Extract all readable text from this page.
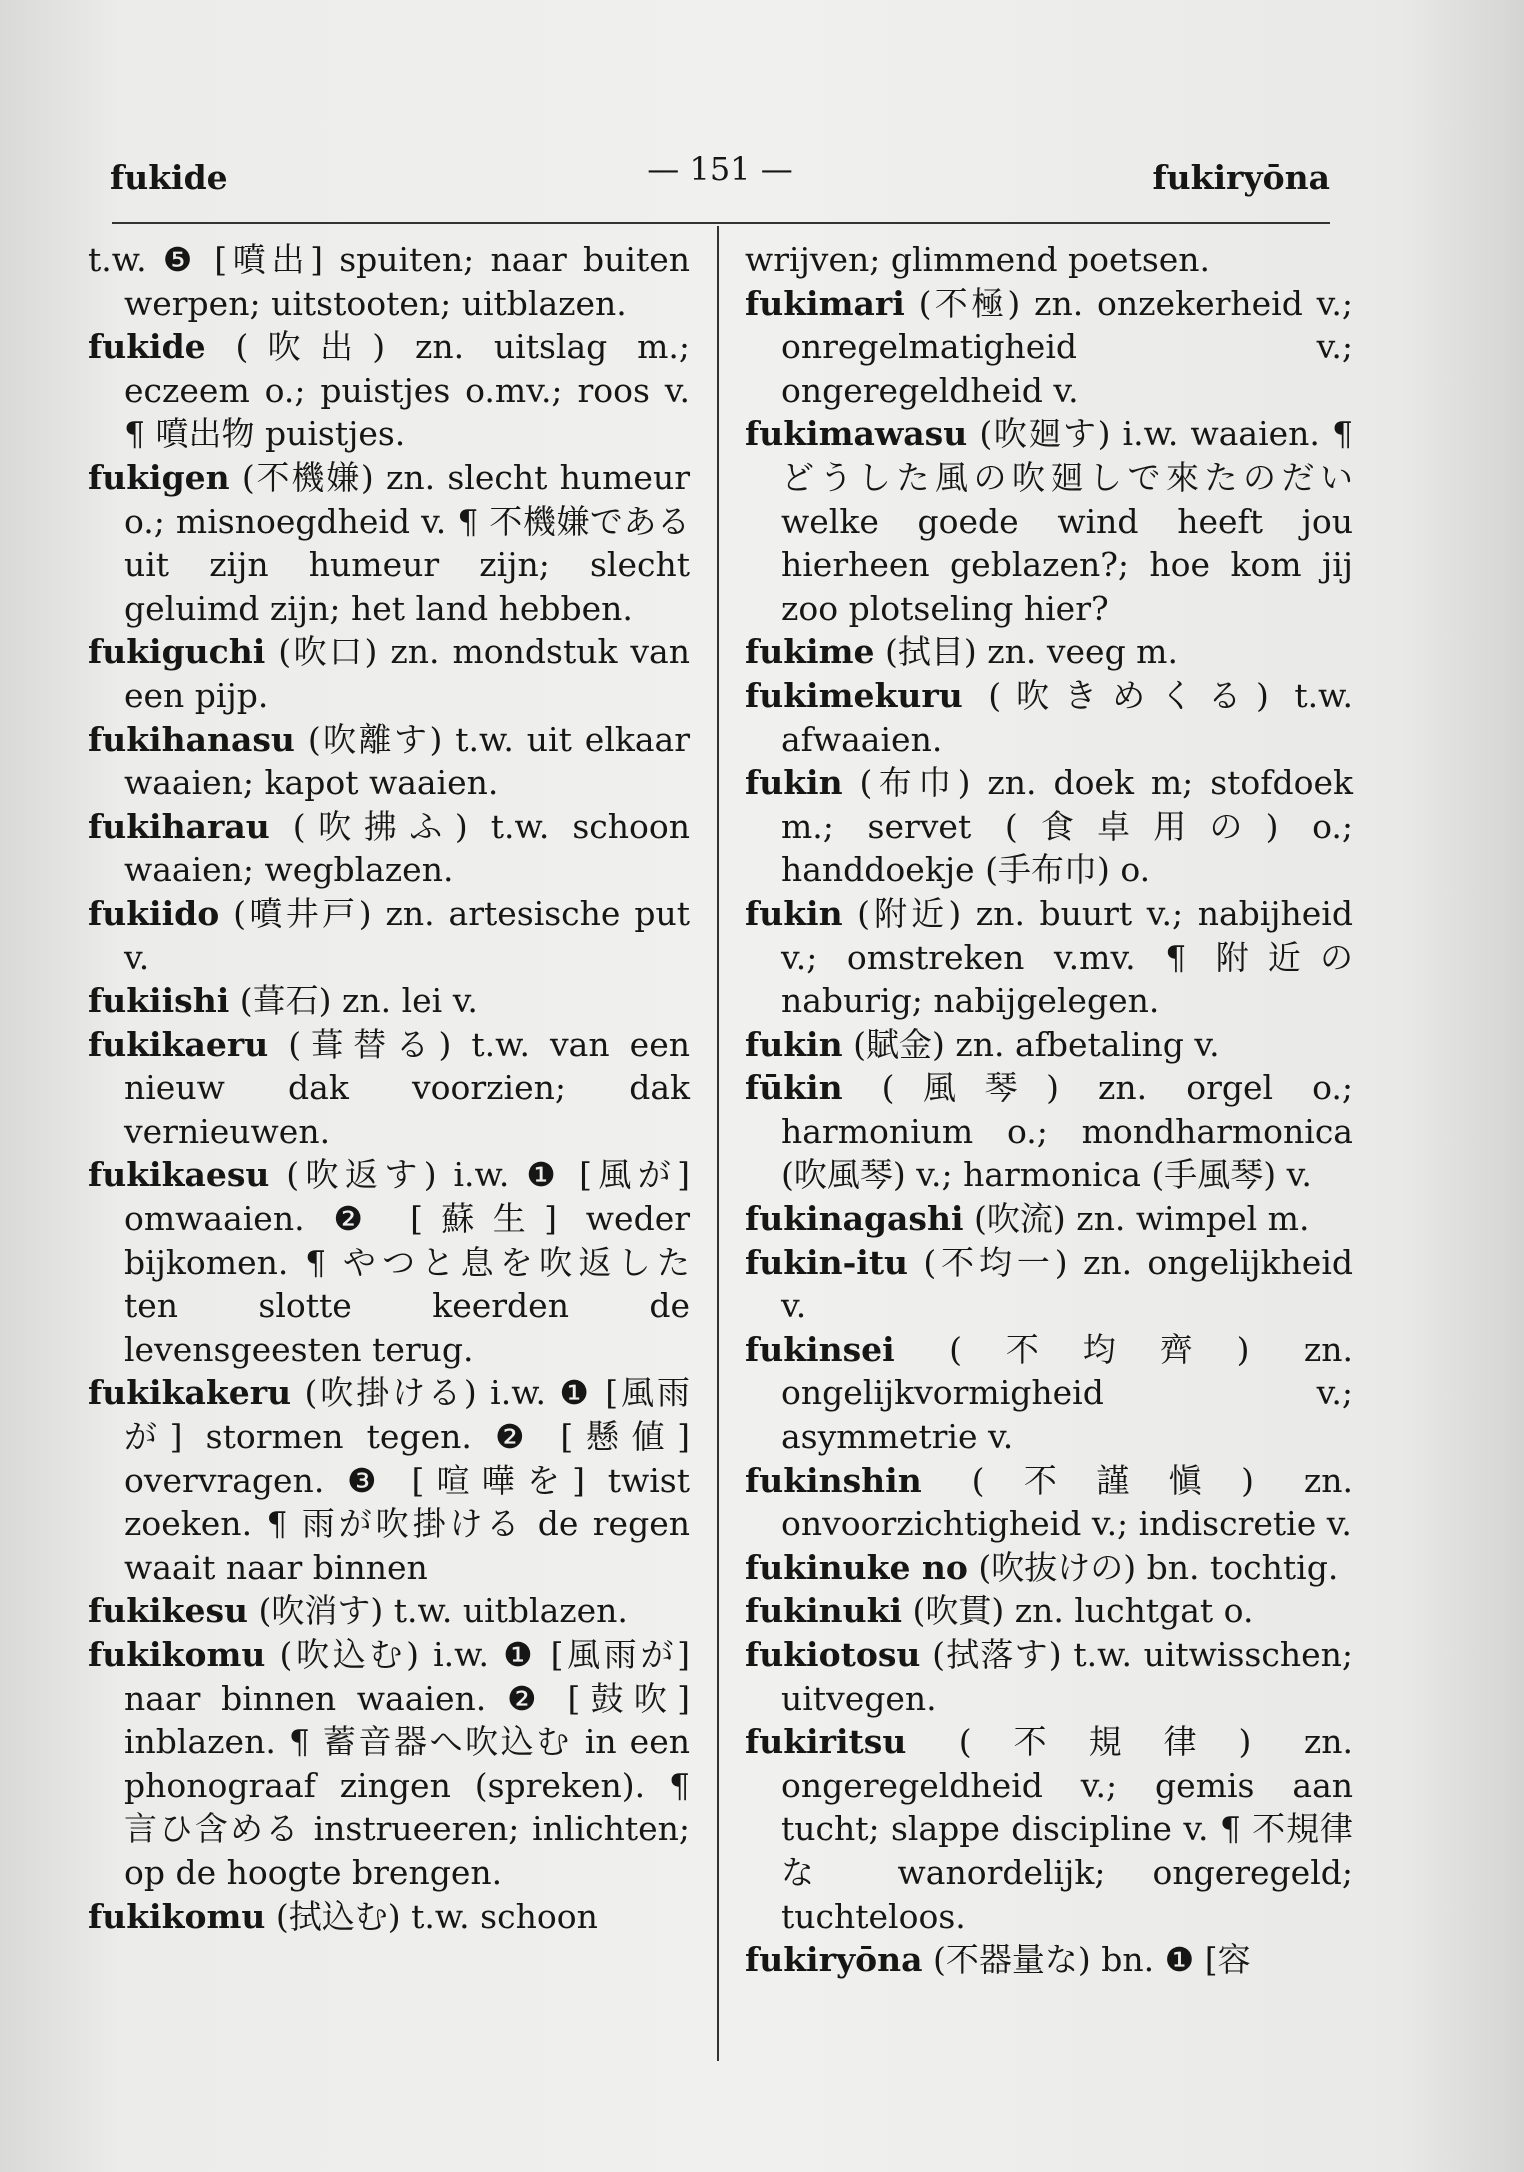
fukide	— 151 —	fukiryōna

t.w. ❺ [噴出] spuiten; naar buiten werpen; uitstooten; uitblazen.

fukide (吹出) zn. uitslag m.; eczeem o.; puistjes o.mv.; roos v. ¶ 噴出物 puistjes.

fukigen (不機嫌) zn. slecht humeur o.; misnoegdheid v. ¶ 不機嫌である uit zijn humeur zijn; slecht geluimd zijn; het land hebben.

fukiguchi (吹口) zn. mondstuk van een pijp.

fukihanasu (吹離す) t.w. uit elkaar waaien; kapot waaien.

fukiharau (吹拂ふ) t.w. schoon waaien; wegblazen.

fukiido (噴井戸) zn. artesische put v.

fukiishi (葺石) zn. lei v.

fukikaeru (葺替る) t.w. van een nieuw dak voorzien; dak vernieuwen.

fukikaesu (吹返す) i.w. ❶ [風が] omwaaien. ❷ [蘇生] weder bijkomen. ¶ やつと息を吹返した ten slotte keerden de levensgeesten terug.

fukikakeru (吹掛ける) i.w. ❶ [風雨が] stormen tegen. ❷ [懸値] overvragen. ❸ [喧嘩を] twist zoeken. ¶ 雨が吹掛ける de regen waait naar binnen

fukikesu (吹消す) t.w. uitblazen.

fukikomu (吹込む) i.w. ❶ [風雨が] naar binnen waaien. ❷ [鼓吹] inblazen. ¶ 蓄音器へ吹込む in een phonograaf zingen (spreken). ¶ 言ひ含める instrueeren; inlichten; op de hoogte brengen.

fukikomu (拭込む) t.w. schoon

wrijven; glimmend poetsen.

fukimari (不極) zn. onzekerheid v.; onregelmatigheid v.; ongeregeldheid v.

fukimawasu (吹廻す) i.w. waaien. ¶ どうした風の吹廻しで來たのだい welke goede wind heeft jou hierheen geblazen?; hoe kom jij zoo plotseling hier?

fukime (拭目) zn. veeg m.

fukimekuru (吹きめくる) t.w. afwaaien.

fukin (布巾) zn. doek m; stofdoek m.; servet (食卓用の) o.; handdoekje (手布巾) o.

fukin (附近) zn. buurt v.; nabijheid v.; omstreken v.mv. ¶ 附近の naburig; nabijgelegen.

fukin (賦金) zn. afbetaling v.

fūkin (風琴) zn. orgel o.; harmonium o.; mondharmonica (吹風琴) v.; harmonica (手風琴) v.

fukinagashi (吹流) zn. wimpel m.

fukin-itu (不均一) zn. ongelijkheid v.

fukinsei (不均齊) zn. ongelijkvormigheid v.; asymmetrie v.

fukinshin (不謹愼) zn. onvoorzichtigheid v.; indiscretie v.

fukinuke no (吹抜けの) bn. tochtig.

fukinuki (吹貫) zn. luchtgat o.

fukiotosu (拭落す) t.w. uitwisschen; uitvegen.

fukiritsu (不規律) zn. ongeregeldheid v.; gemis aan tucht; slappe discipline v. ¶ 不規律な wanordelijk; ongeregeld; tuchteloos.

fukiryōna (不器量な) bn. ❶ [容
